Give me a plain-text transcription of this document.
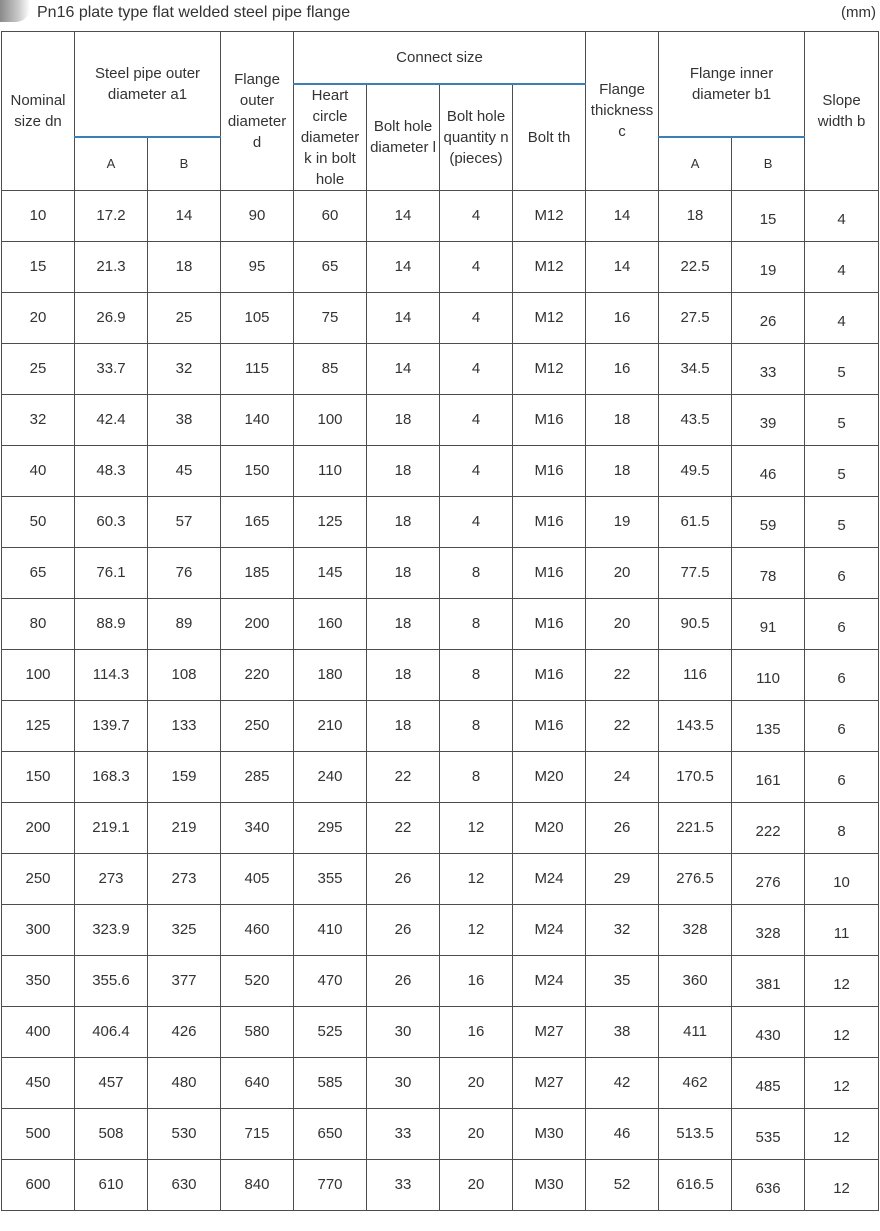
Pn16 plate type flat welded steel pipe flange	(mm)
Nominal size dn	Steel pipe outer diameter a1		Flange outer diameter d	Connect size				Flange thickness c	Flange inner diameter b1		Slope width b

				Heart circle diameter k in bolt hole	Bolt hole diameter l	Bolt hole quantity n (pieces)	Bolt th				

	A	B							A	B	
10	17.2	14	90	60	14	4	M12	14	18	15	4
15	21.3	18	95	65	14	4	M12	14	22.5	19	4
20	26.9	25	105	75	14	4	M12	16	27.5	26	4
25	33.7	32	115	85	14	4	M12	16	34.5	33	5
32	42.4	38	140	100	18	4	M16	18	43.5	39	5
40	48.3	45	150	110	18	4	M16	18	49.5	46	5
50	60.3	57	165	125	18	4	M16	19	61.5	59	5
65	76.1	76	185	145	18	8	M16	20	77.5	78	6
80	88.9	89	200	160	18	8	M16	20	90.5	91	6
100	114.3	108	220	180	18	8	M16	22	116	110	6
125	139.7	133	250	210	18	8	M16	22	143.5	135	6
150	168.3	159	285	240	22	8	M20	24	170.5	161	6
200	219.1	219	340	295	22	12	M20	26	221.5	222	8
250	273	273	405	355	26	12	M24	29	276.5	276	10
300	323.9	325	460	410	26	12	M24	32	328	328	11
350	355.6	377	520	470	26	16	M24	35	360	381	12
400	406.4	426	580	525	30	16	M27	38	411	430	12
450	457	480	640	585	30	20	M27	42	462	485	12
500	508	530	715	650	33	20	M30	46	513.5	535	12
600	610	630	840	770	33	20	M30	52	616.5	636	12
